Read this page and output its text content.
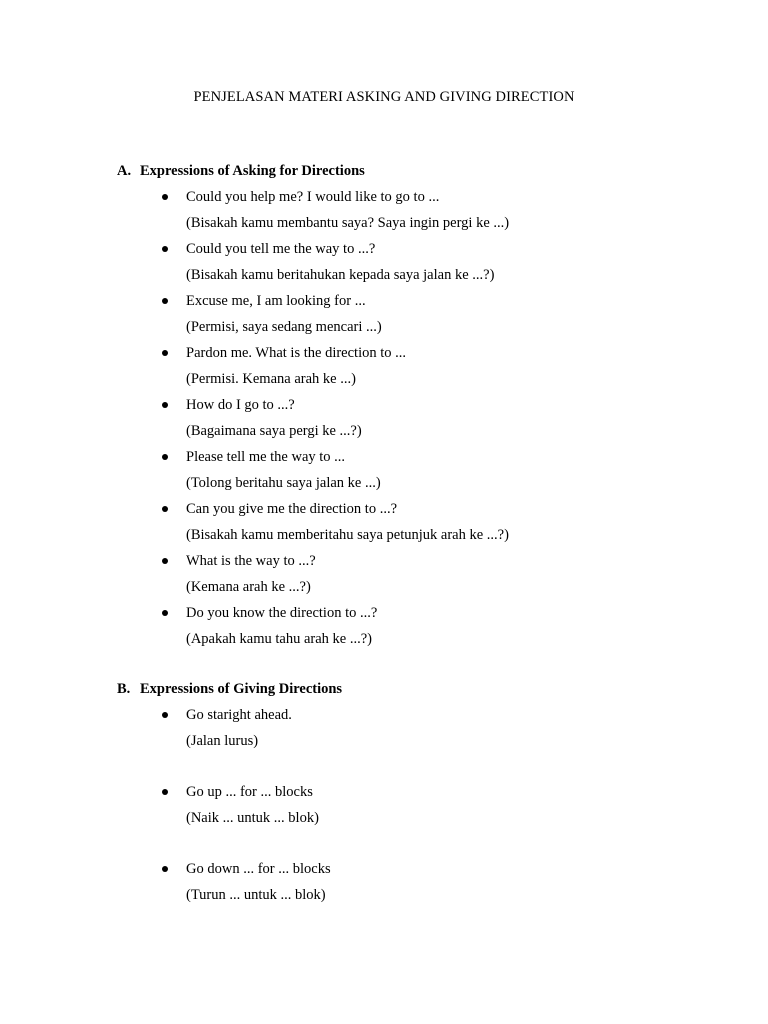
PENJELASAN MATERI ASKING AND GIVING DIRECTION
A. Expressions of Asking for Directions
Could you help me? I would like to go to ...
(Bisakah kamu membantu saya? Saya ingin pergi ke ...)
Could you tell me the way to ...?
(Bisakah kamu beritahukan kepada saya jalan ke ...?)
Excuse me, I am looking for ...
(Permisi, saya sedang mencari ...)
Pardon me. What is the direction to ...
(Permisi. Kemana arah ke ...)
How do I go to ...?
(Bagaimana saya pergi ke ...?)
Please tell me the way to ...
(Tolong beritahu saya jalan ke ...)
Can you give me the direction to ...?
(Bisakah kamu memberitahu saya petunjuk arah ke ...?)
What is the way to ...?
(Kemana arah ke ...?)
Do you know the direction to ...?
(Apakah kamu tahu arah ke ...?)
B. Expressions of Giving Directions
Go staright ahead.
(Jalan lurus)
Go up ... for ... blocks
(Naik ... untuk ... blok)
Go down ... for ... blocks
(Turun ... untuk ... blok)
